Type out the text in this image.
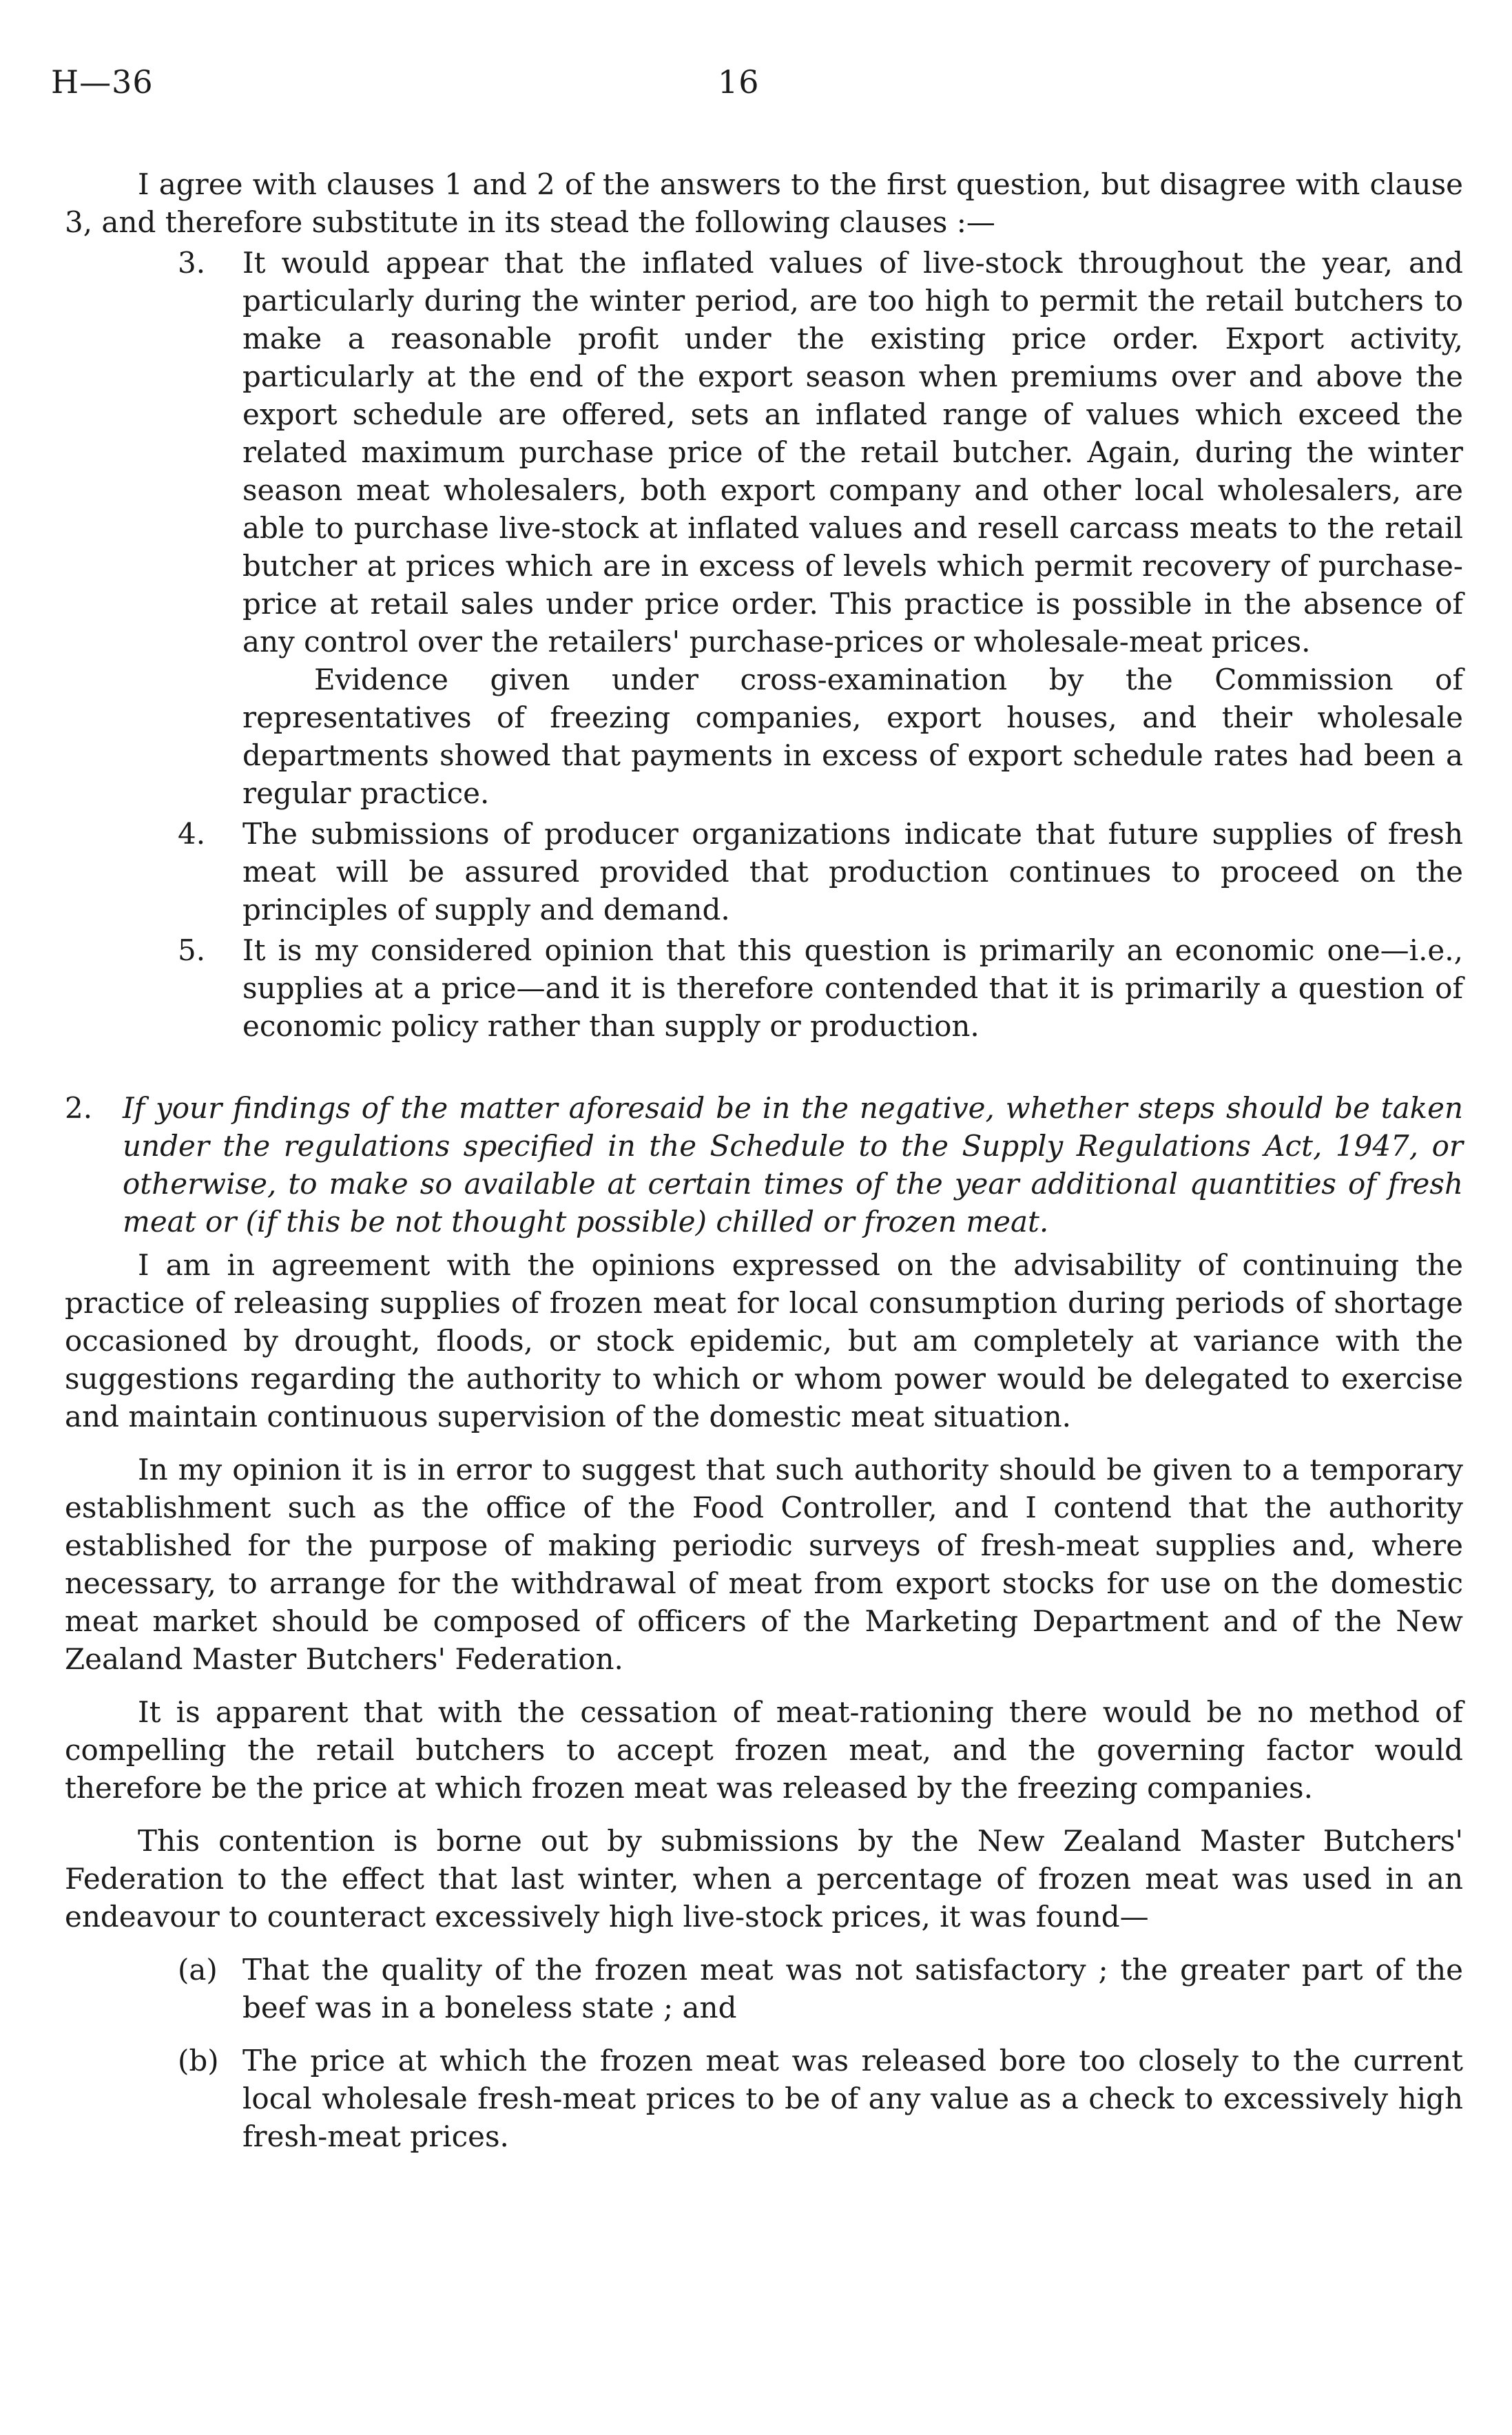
H—36	16

I agree with clauses 1 and 2 of the answers to the first question, but disagree with clause 3, and therefore substitute in its stead the following clauses :—

3. It would appear that the inflated values of live-stock throughout the year, and particularly during the winter period, are too high to permit the retail butchers to make a reasonable profit under the existing price order. Export activity, particularly at the end of the export season when premiums over and above the export schedule are offered, sets an inflated range of values which exceed the related maximum purchase price of the retail butcher. Again, during the winter season meat wholesalers, both export company and other local wholesalers, are able to purchase live-stock at inflated values and resell carcass meats to the retail butcher at prices which are in excess of levels which permit recovery of purchase-price at retail sales under price order. This practice is possible in the absence of any control over the retailers' purchase-prices or wholesale-meat prices.

Evidence given under cross-examination by the Commission of representatives of freezing companies, export houses, and their wholesale departments showed that payments in excess of export schedule rates had been a regular practice.

4. The submissions of producer organizations indicate that future supplies of fresh meat will be assured provided that production continues to proceed on the principles of supply and demand.
5. It is my considered opinion that this question is primarily an economic one—i.e., supplies at a price—and it is therefore contended that it is primarily a question of economic policy rather than supply or production.
2. If your findings of the matter aforesaid be in the negative, whether steps should be taken under the regulations specified in the Schedule to the Supply Regulations Act, 1947, or otherwise, to make so available at certain times of the year additional quantities of fresh meat or (if this be not thought possible) chilled or frozen meat.

I am in agreement with the opinions expressed on the advisability of continuing the practice of releasing supplies of frozen meat for local consumption during periods of shortage occasioned by drought, floods, or stock epidemic, but am completely at variance with the suggestions regarding the authority to which or whom power would be delegated to exercise and maintain continuous supervision of the domestic meat situation.

In my opinion it is in error to suggest that such authority should be given to a temporary establishment such as the office of the Food Controller, and I contend that the authority established for the purpose of making periodic surveys of fresh-meat supplies and, where necessary, to arrange for the withdrawal of meat from export stocks for use on the domestic meat market should be composed of officers of the Marketing Department and of the New Zealand Master Butchers' Federation.

It is apparent that with the cessation of meat-rationing there would be no method of compelling the retail butchers to accept frozen meat, and the governing factor would therefore be the price at which frozen meat was released by the freezing companies.

This contention is borne out by submissions by the New Zealand Master Butchers' Federation to the effect that last winter, when a percentage of frozen meat was used in an endeavour to counteract excessively high live-stock prices, it was found—

(a) That the quality of the frozen meat was not satisfactory ; the greater part of the beef was in a boneless state ; and
(b) The price at which the frozen meat was released bore too closely to the current local wholesale fresh-meat prices to be of any value as a check to excessively high fresh-meat prices.
